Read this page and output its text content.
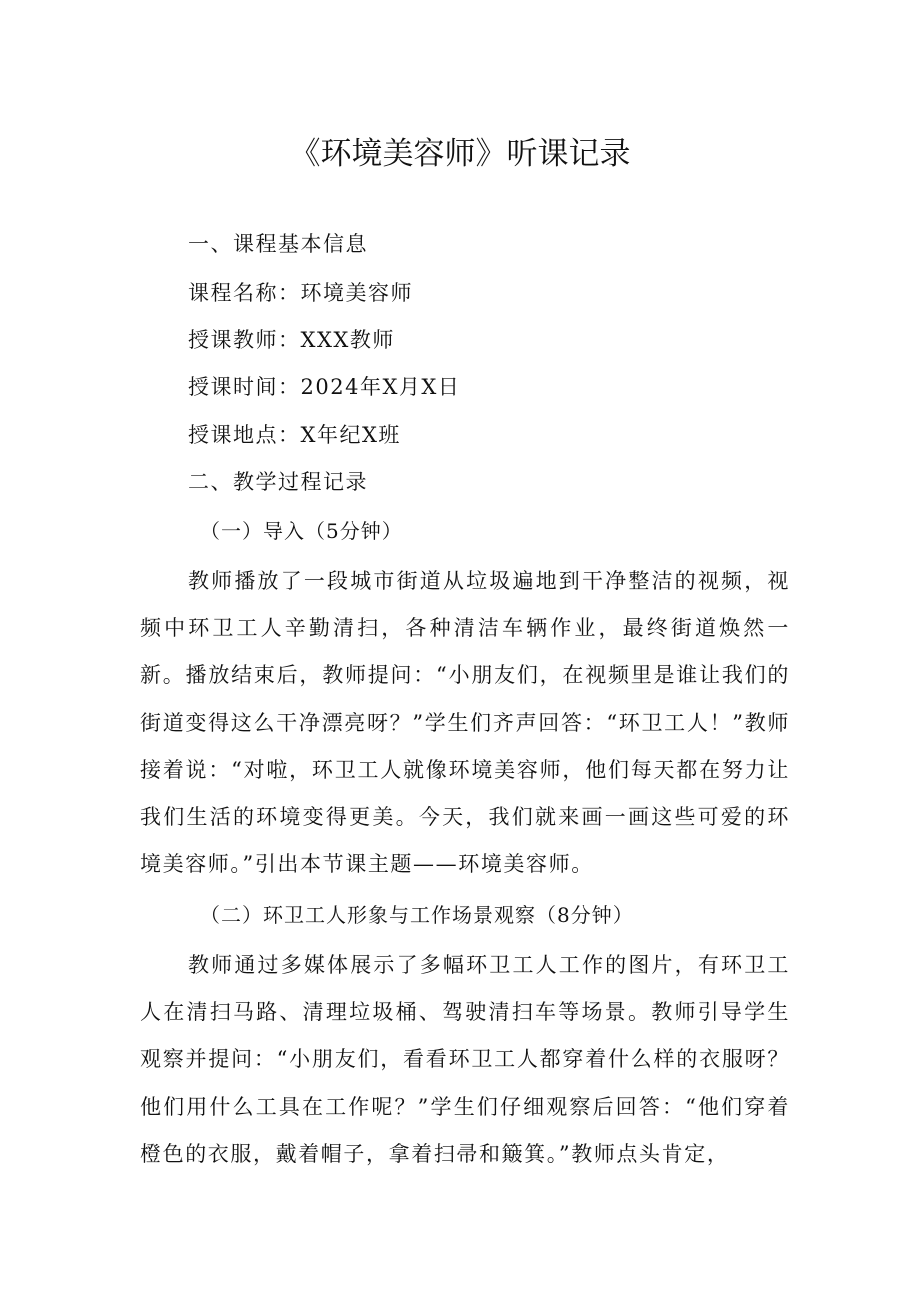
《环境美容师》听课记录

一、课程基本信息

课程名称：环境美容师

授课教师：XXX教师

授课时间：2024年X月X日

授课地点：X年纪X班

二、教学过程记录

（一）导入（5分钟）

教师播放了一段城市街道从垃圾遍地到干净整洁的视频，视频中环卫工人辛勤清扫，各种清洁车辆作业，最终街道焕然一新。播放结束后，教师提问：“小朋友们，在视频里是谁让我们的街道变得这么干净漂亮呀？”学生们齐声回答：“环卫工人！”教师接着说：“对啦，环卫工人就像环境美容师，他们每天都在努力让我们生活的环境变得更美。今天，我们就来画一画这些可爱的环境美容师。”引出本节课主题——环境美容师。

（二）环卫工人形象与工作场景观察（8分钟）

教师通过多媒体展示了多幅环卫工人工作的图片，有环卫工人在清扫马路、清理垃圾桶、驾驶清扫车等场景。教师引导学生观察并提问：“小朋友们，看看环卫工人都穿着什么样的衣服呀？他们用什么工具在工作呢？”学生们仔细观察后回答：“他们穿着橙色的衣服，戴着帽子，拿着扫帚和簸箕。”教师点头肯定，
